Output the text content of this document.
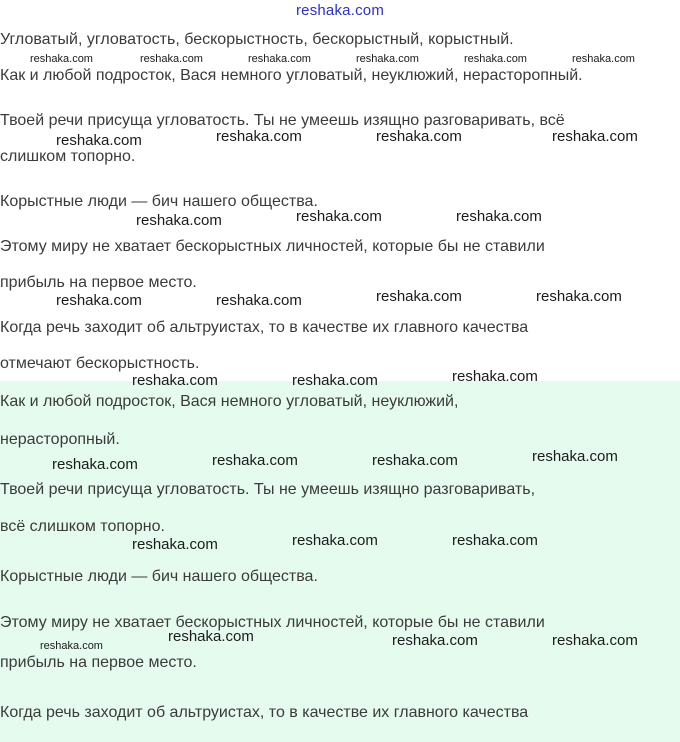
reshaka.com
Угловатый, угловатость, бескорыстность, бескорыстный, корыстный.
Как и любой подросток, Вася немного угловатый, неуклюжий, нерасторопный.
Твоей речи присуща угловатость. Ты не умеешь изящно разговаривать, всё
слишком топорно.
Корыстные люди — бич нашего общества.
Этому миру не хватает бескорыстных личностей, которые бы не ставили
прибыль на первое место.
Когда речь заходит об альтруистах, то в качестве их главного качества
отмечают бескорыстность.
Как и любой подросток, Вася немного угловатый, неуклюжий,
нерасторопный.
Твоей речи присуща угловатость. Ты не умеешь изящно разговаривать,
всё слишком топорно.
Корыстные люди — бич нашего общества.
Этому миру не хватает бескорыстных личностей, которые бы не ставили
прибыль на первое место.
Когда речь заходит об альтруистах, то в качестве их главного качества
reshaka.com	reshaka.com	reshaka.com	reshaka.com	reshaka.com	reshaka.com
reshaka.com	reshaka.com	reshaka.com	reshaka.com
reshaka.com	reshaka.com	reshaka.com
reshaka.com	reshaka.com	reshaka.com	reshaka.com
reshaka.com	reshaka.com	reshaka.com
reshaka.com	reshaka.com	reshaka.com	reshaka.com
reshaka.com	reshaka.com	reshaka.com
reshaka.com
reshaka.com	reshaka.com	reshaka.com
